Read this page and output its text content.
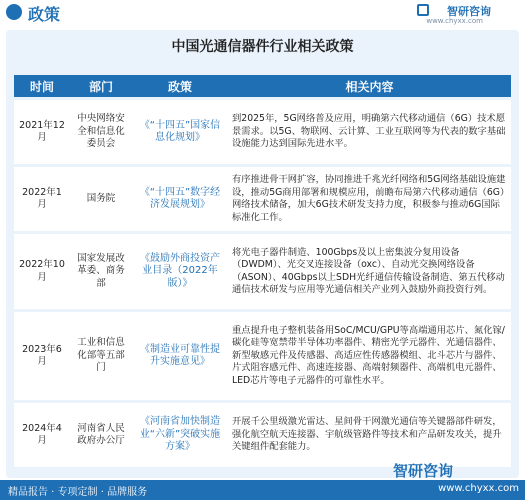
政策	智研咨询
www.chyxx.com
中国光通信器件行业相关政策
时间	部门	政策	相关内容
2021年12月	中央网络安全和信息化委员会	《“十四五”国家信息化规划》	到2025年，5G网络普及应用，明确第六代移动通信（6G）技术愿景需求。以5G、物联网、云计算、工业互联网等为代表的数字基础设施能力达到国际先进水平。
2022年1月	国务院	《“十四五”数字经济发展规划》	有序推进骨干网扩容，协同推进千兆光纤网络和5G网络基础设施建设，推动5G商用部署和规模应用，前瞻布局第六代移动通信（6G）网络技术储备，加大6G技术研发支持力度，积极参与推动6G国际标准化工作。
2022年10月	国家发展改革委、商务部	《鼓励外商投资产业目录（2022年版）》	将光电子器件制造、100Gbps及以上密集波分复用设备（DWDM）、光交叉连接设备（oxc）、自动光交换网络设备（ASON）、40Gbps以上SDH光纤通信传输设备制造、第五代移动通信技术研发与应用等光通信相关产业列入鼓励外商投资行列。
2023年6月	工业和信息化部等五部门	《制造业可靠性提升实施意见》	重点提升电子整机装备用SoC/MCU/GPU等高端通用芯片、氮化镓/碳化硅等宽禁带半导体功率器件、精密光学元器件、光通信器件、新型敏感元件及传感器、高适应性传感器模组、北斗芯片与器件、片式阻容感元件、高速连接器、高端射频器件、高端机电元器件、LED芯片等电子元器件的可靠性水平。
2024年4月	河南省人民政府办公厅	《河南省加快制造业“六新”突破实施方案》	开展千公里级激光雷达、星间骨干网激光通信等关键器部件研发，强化航空航天连接器、宇航级管路件等技术和产品研发攻关，提升关键组件配套能力。
智研咨询
精品报告 · 专项定制 · 品牌服务	www.chyxx.com
